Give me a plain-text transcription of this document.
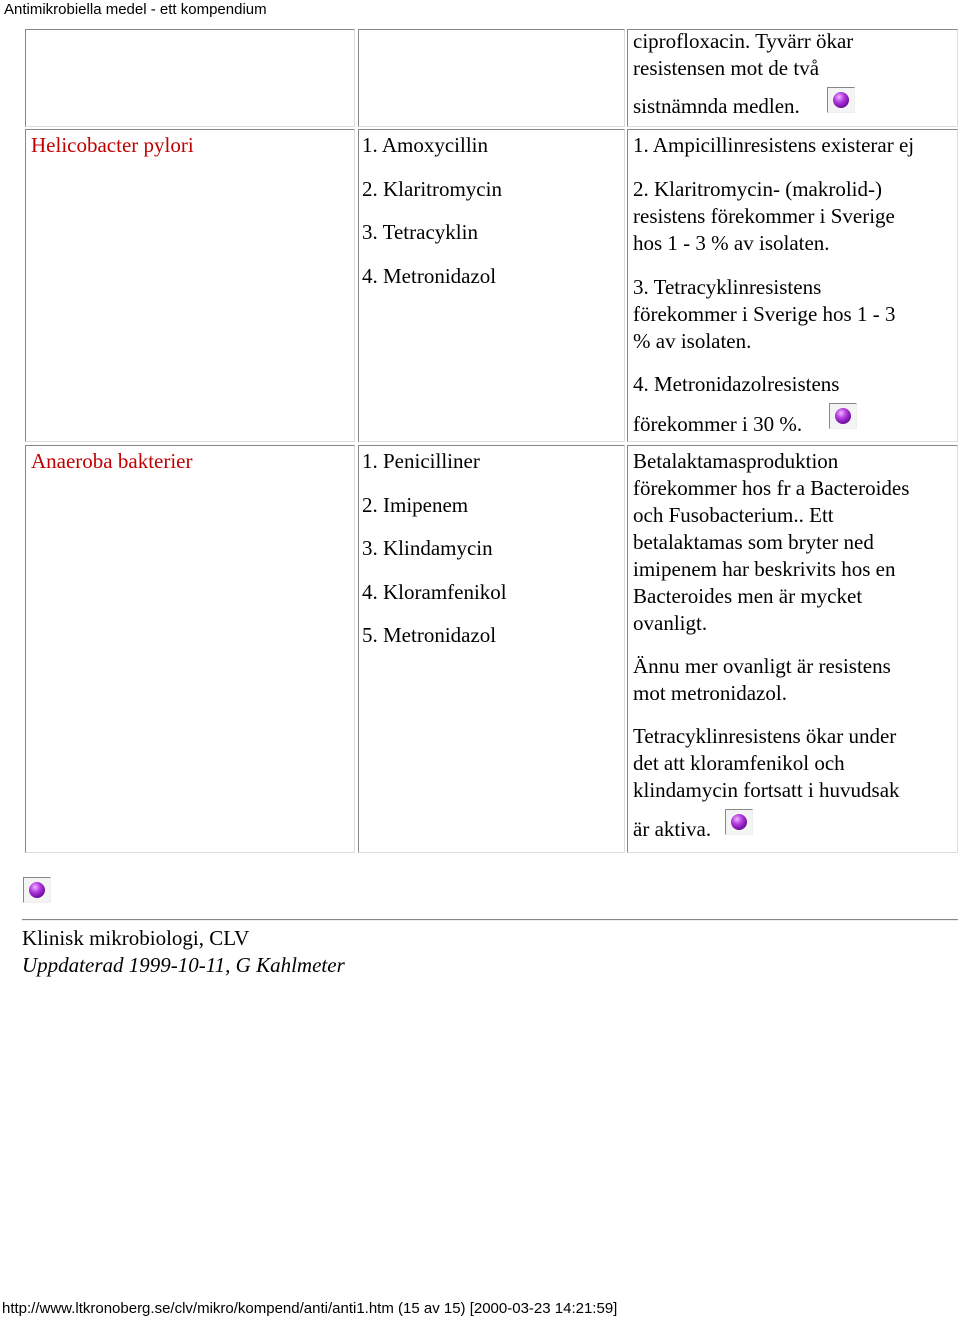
Antimikrobiella medel - ett kompendium
ciprofloxacin. Tyvärr ökar
resistensen mot de två
sistnämnda medlen.
Helicobacter pylori	1. Amoxycillin
2. Klaritromycin
3. Tetracyklin
4. Metronidazol
1. Ampicillinresistens existerar ej
2. Klaritromycin- (makrolid-)
resistens förekommer i Sverige
hos 1 - 3 % av isolaten.
3. Tetracyklinresistens
förekommer i Sverige hos 1 - 3
% av isolaten.
4. Metronidazolresistens
förekommer i 30 %.
Anaeroba bakterier	1. Penicilliner
2. Imipenem
3. Klindamycin
4. Kloramfenikol
5. Metronidazol
Betalaktamasproduktion
förekommer hos fr a Bacteroides
och Fusobacterium.. Ett
betalaktamas som bryter ned
imipenem har beskrivits hos en
Bacteroides men är mycket
ovanligt.
Ännu mer ovanligt är resistens
mot metronidazol.
Tetracyklinresistens ökar under
det att kloramfenikol och
klindamycin fortsatt i huvudsak
är aktiva.
Klinisk mikrobiologi, CLV
Uppdaterad 1999-10-11, G Kahlmeter
http://www.ltkronoberg.se/clv/mikro/kompend/anti/anti1.htm (15 av 15) [2000-03-23 14:21:59]
